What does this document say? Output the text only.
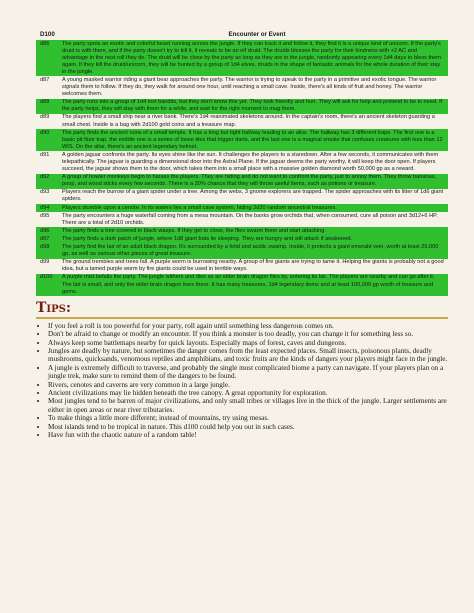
D100	Encounter or Event
d86	The party spots an exotic and colorful beast running across the jungle. If they can track it and follow it, they find it is a unique kind of unicorn. If the party's druid is with them, and if the party doesn't try to kill it, it reveals to be an elf druid. The druids blesses the party for their kindness with +2 AC and advantage in the next roll they do. The druid will be close by the party as long as they are in the jungle, randomly appearing every 1d4 days to bless them again. If they kill the druid/unicorn, they will be hunted by a group of 1d4 elves, druids in the shape of fantastic animals for the whole duration of their stay in the jungle.
d87	A young masked warrior riding a giant bear approaches the party. The warrior is trying to speak to the party in a primitive and exotic tongue. The warrior signals them to follow. If they do, they walk for around one hour, until reaching a small cave. Inside, there's all kinds of fruit and honey. The warrior welcomes them.
d88	The party runs into a group of 1d4 lost bandits, but they don't know this yet. They look friendly and hurt. They will ask for help and pretend to be in need. If the party helps, they will stay with them for a while, and wait for the right moment to mug them.
d89	The players find a small ship near a river bank. There's 1d4 reanimated skeletons around. In the captain's room, there's an ancient skeleton guarding a small chest. Inside is a bag with 2d100 gold coins and a treasure map.
d90	The party finds the ancient ruins of a small temple. It has a long but tight hallway leading to an altar. The hallway has 3 different traps. The first one is a basic pit floor trap, the middle one is a series of loose tiles that trigger darts, and the last one is a magical smoke that confuses creatures with less than 12 WIS. On the altar, there's an ancient legendary helmet.
d91	A golden jaguar confronts the party. Its eyes shine like the sun. It challenges the players to a staredown. After a few seconds, it communicates with them telepathically. The jaguar is guarding a dimensional door into the Astral Plane. If the jaguar deems the party worthy, it will keep the door open. If players succeed, the jaguar shows them to the door, which takes them into a small place with a massive golden diamond worth 50,000 gp as a reward.
d92	A group of howler monkeys begin to harass the players. They are hiding and do not want to confront the party, just to annoy them. They throw bananas, poop, and wood sticks every few seconds. There is a 30% chance that they will throw useful items, such as potions or treasure.
d93	Players reach the burrow of a giant spider under a tree. Among the webs, 3 gnome explorers are trapped. The spider approaches with its litter of 1d6 giant spiders.
d94	Players stumble upon a cenote. In its waters lies a small cave system, hiding 2d20 random ancestral treasures.
d95	The party encounters a huge waterfall coming from a mesa mountain. On the banks grow orchids that, when consumed, cure all poison and 3d12+6 HP. There are a total of 2d10 orchids.
d96	The party finds a tree covered in black wasps. If they get to close, the flies swarm them and start attacking.
d97	The party finds a dark patch of jungle, where 1d8 giant bats lie sleeping. They are hungry and will attack if awakened.
d98	The party find the lair of an adult black dragon. It's surrounded by a fetid and acidic swamp. Inside, it protects a giant emerald vein, worth at least 25.000 gp, as well as various other pieces of great treasure.
d99	The ground trembles and trees fall. A purple worm is burrowing nearby. A group of fire giants are trying to tame it. Helping the giants is probably not a good idea, but a tamed purple worm by fire giants could be used in terrible ways.
d100	A purple mist befalls the party. The jungle withers and dies as an elder brain dragon flies by, entering its lair. The players are nearby and can go after it. The lair is small, and only the elder brain dragon lives there. It has many treasures, 1d4 legendary items and at least 100,000 gp worth of treasure and gems.
Tips:
• If you feel a roll is too powerful for your party, roll again until something less dangerous comes on.
• Don't be afraid to change or modify an encounter. If you think a monster is too deadly, you can change it for something less so.
• Always keep some battlemaps nearby for quick layouts. Especially maps of forest, caves and dungeons.
• Jungles are deadly by nature, but sometimes the danger comes from the least expected places. Small insects, poisonous plants, deadly mushrooms, quicksands, venomous reptiles and amphibians, and toxic fruits are the kinds of dangers your players might face in the jungle.
• A jungle is extremely difficult to traverse, and probably the single most complicated biome a party can navigate. If your players plan on a jungle trek, make sure to remind them of the dangers to be found.
• Rivers, cenotes and caverns are very common in a large jungle.
• Ancient civilizations may lie hidden beneath the tree canopy. A great opportunity for exploration.
• Most jungles tend to be barren of major civilizations, and only small tribes or villages live in the thick of the jungle. Larger settlements are either in open areas or near river tributaries.
• To make things a little more different; instead of mountains, try using mesas.
• Most islands tend to be tropical in nature. This d100 could help you out in such cases.
• Have fun with the chaotic nature of a random table!
